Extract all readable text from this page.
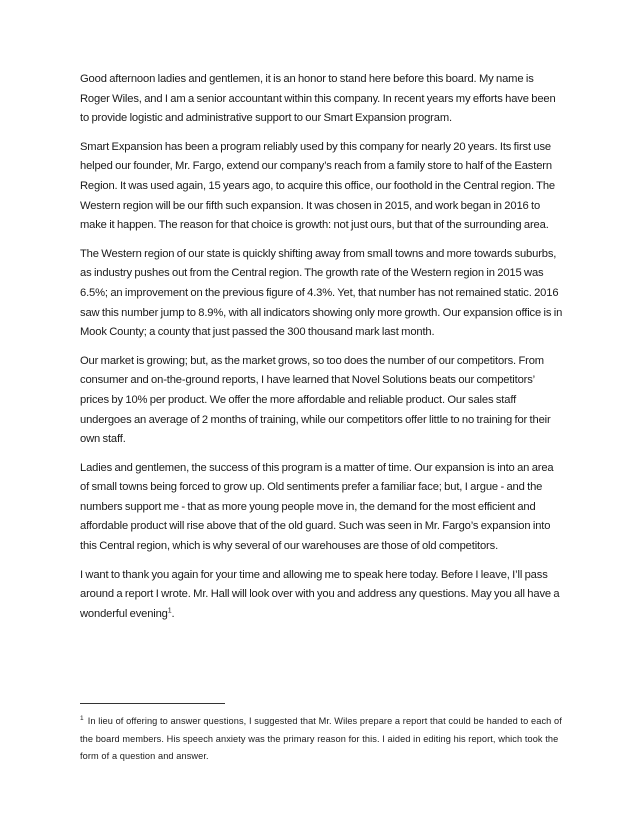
Good afternoon ladies and gentlemen, it is an honor to stand here before this board. My name is Roger Wiles, and I am a senior accountant within this company. In recent years my efforts have been to provide logistic and administrative support to our Smart Expansion program.

Smart Expansion has been a program reliably used by this company for nearly 20 years. Its first use helped our founder, Mr. Fargo, extend our company’s reach from a family store to half of the Eastern Region. It was used again, 15 years ago, to acquire this office, our foothold in the Central region. The Western region will be our fifth such expansion. It was chosen in 2015, and work began in 2016 to make it happen. The reason for that choice is growth: not just ours, but that of the surrounding area.

The Western region of our state is quickly shifting away from small towns and more towards suburbs, as industry pushes out from the Central region. The growth rate of the Western region in 2015 was 6.5%; an improvement on the previous figure of 4.3%. Yet, that number has not remained static. 2016 saw this number jump to 8.9%, with all indicators showing only more growth. Our expansion office is in Mook County; a county that just passed the 300 thousand mark last month.

Our market is growing; but, as the market grows, so too does the number of our competitors. From consumer and on-the-ground reports, I have learned that Novel Solutions beats our competitors’ prices by 10% per product. We offer the more affordable and reliable product. Our sales staff undergoes an average of 2 months of training, while our competitors offer little to no training for their own staff.

Ladies and gentlemen, the success of this program is a matter of time. Our expansion is into an area of small towns being forced to grow up. Old sentiments prefer a familiar face; but, I argue - and the numbers support me - that as more young people move in, the demand for the most efficient and affordable product will rise above that of the old guard. Such was seen in Mr. Fargo’s expansion into this Central region, which is why several of our warehouses are those of old competitors.

I want to thank you again for your time and allowing me to speak here today. Before I leave, I’ll pass around a report I wrote. Mr. Hall will look over with you and address any questions. May you all have a wonderful evening$^1$.

$^1$ In lieu of offering to answer questions, I suggested that Mr. Wiles prepare a report that could be handed to each of the board members. His speech anxiety was the primary reason for this. I aided in editing his report, which took the form of a question and answer.
